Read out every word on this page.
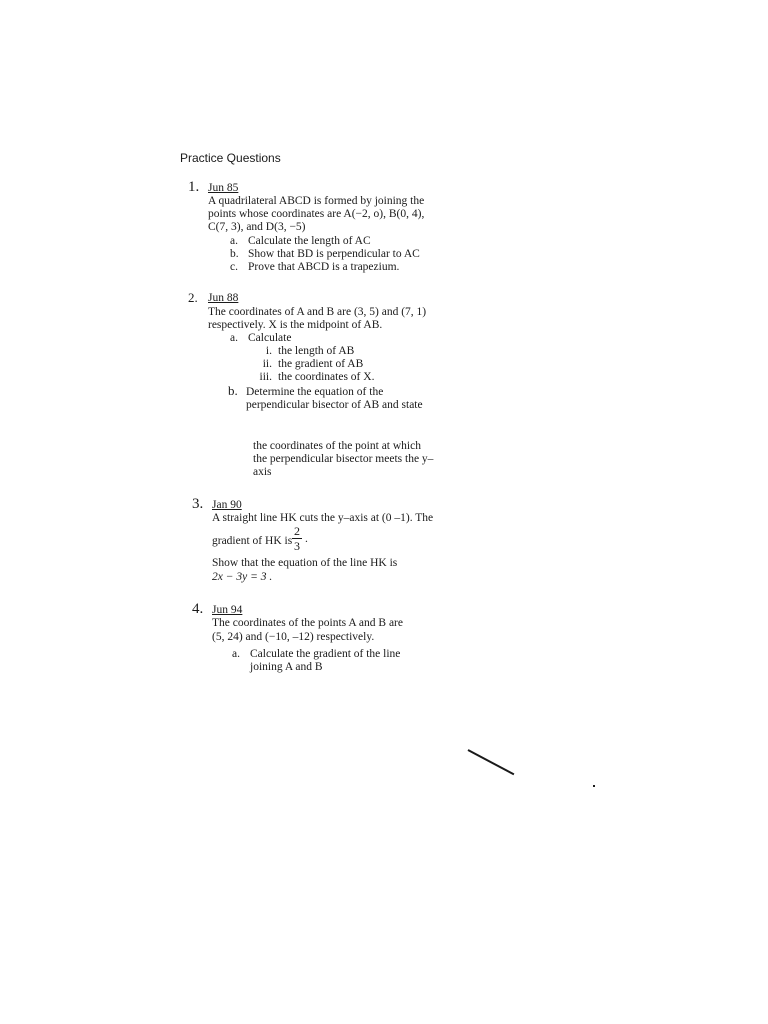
Practice Questions
1. Jun 85
A quadrilateral ABCD is formed by joining the
points whose coordinates are A(−2, o), B(0, 4),
C(7, 3), and D(3, −5)
a. Calculate the length of AC
b. Show that BD is perpendicular to AC
c. Prove that ABCD is a trapezium.
2. Jun 88
The coordinates of A and B are (3, 5) and (7, 1)
respectively. X is the midpoint of AB.
a. Calculate
i. the length of AB
ii. the gradient of AB
iii. the coordinates of X.
b. Determine the equation of the
perpendicular bisector of AB and state
the coordinates of the point at which
the perpendicular bisector meets the y–
axis
3. Jan 90
A straight line HK cuts the y–axis at (0 –1). The
gradient of HK is
2
3 .
Show that the equation of the line HK is
2x − 3y = 3 .
4. Jun 94
The coordinates of the points A and B are
(5, 24) and (−10, –12) respectively.
a. Calculate the gradient of the line
joining A and B
